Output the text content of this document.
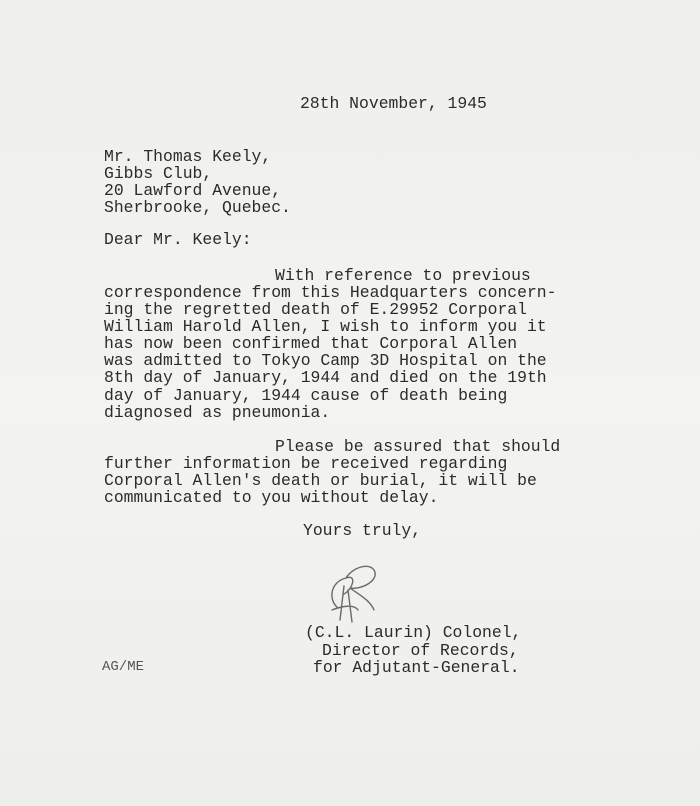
28th November, 1945
Mr. Thomas Keely,
Gibbs Club,
20 Lawford Avenue,
Sherbrooke, Quebec.
Dear Mr. Keely:
With reference to previous
correspondence from this Headquarters concern-
ing the regretted death of E.29952 Corporal
William Harold Allen, I wish to inform you it
has now been confirmed that Corporal Allen
was admitted to Tokyo Camp 3D Hospital on the
8th day of January, 1944 and died on the 19th
day of January, 1944 cause of death being
diagnosed as pneumonia.
Please be assured that should
further information be received regarding
Corporal Allen's death or burial, it will be
communicated to you without delay.
Yours truly,
(C.L. Laurin) Colonel,
Director of Records,
for Adjutant-General.
AG/ME
